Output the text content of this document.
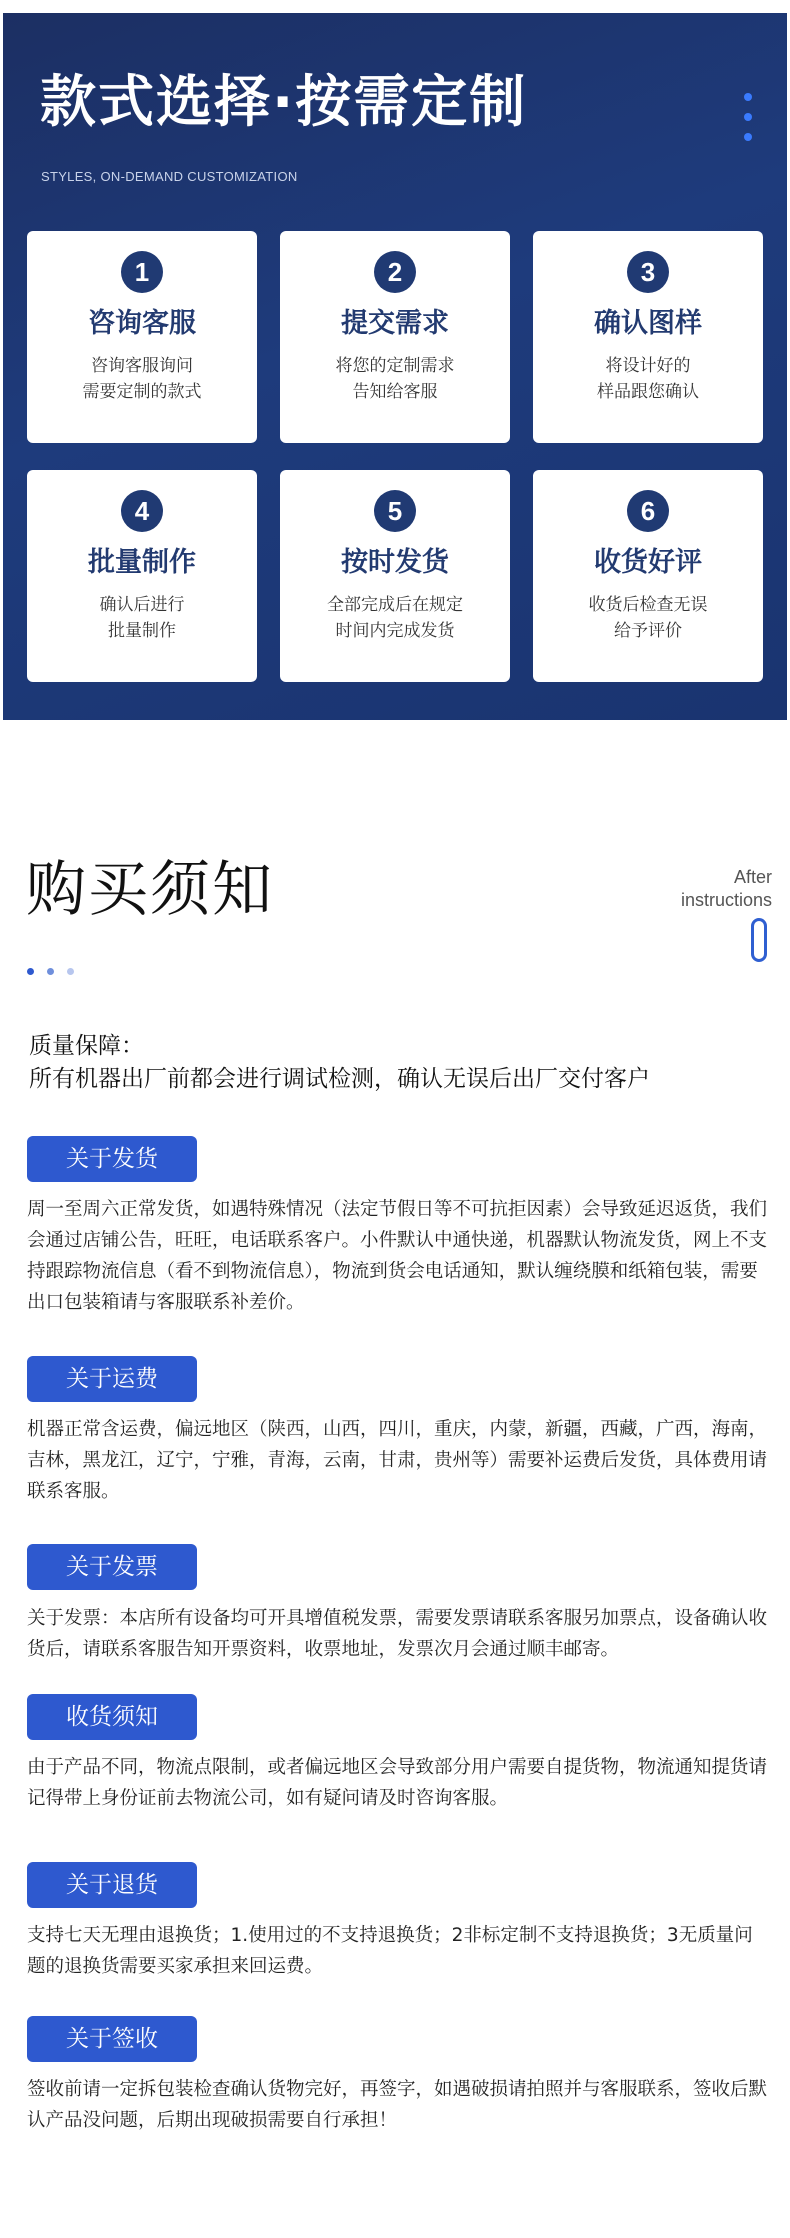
款式选择·按需定制
STYLES, ON-DEMAND CUSTOMIZATION
1
咨询客服
咨询客服询问
需要定制的款式
2
提交需求
将您的定制需求
告知给客服
3
确认图样
将设计好的
样品跟您确认
4
批量制作
确认后进行
批量制作
5
按时发货
全部完成后在规定
时间内完成发货
6
收货好评
收货后检查无误
给予评价
购买须知
	After
instructions
质量保障：
所有机器出厂前都会进行调试检测，确认无误后出厂交付客户
关于发货
周一至周六正常发货，如遇特殊情况（法定节假日等不可抗拒因素）会导致延迟返货，我们会通过店铺公告，旺旺，电话联系客户。小件默认中通快递，机器默认物流发货，网上不支持跟踪物流信息（看不到物流信息），物流到货会电话通知，默认缠绕膜和纸箱包装，需要出口包装箱请与客服联系补差价。
关于运费
机器正常含运费，偏远地区（陕西，山西，四川，重庆，内蒙，新疆，西藏，广西，海南，吉林，黑龙江，辽宁，宁雅，青海，云南，甘肃，贵州等）需要补运费后发货，具体费用请联系客服。
关于发票
关于发票：本店所有设备均可开具增值税发票，需要发票请联系客服另加票点，设备确认收货后，请联系客服告知开票资料，收票地址，发票次月会通过顺丰邮寄。
收货须知
由于产品不同，物流点限制，或者偏远地区会导致部分用户需要自提货物，物流通知提货请记得带上身份证前去物流公司，如有疑问请及时咨询客服。
关于退货
支持七天无理由退换货；1.使用过的不支持退换货；2非标定制不支持退换货；3无质量问题的退换货需要买家承担来回运费。
关于签收
签收前请一定拆包装检查确认货物完好，再签字，如遇破损请拍照并与客服联系，签收后默认产品没问题，后期出现破损需要自行承担！
